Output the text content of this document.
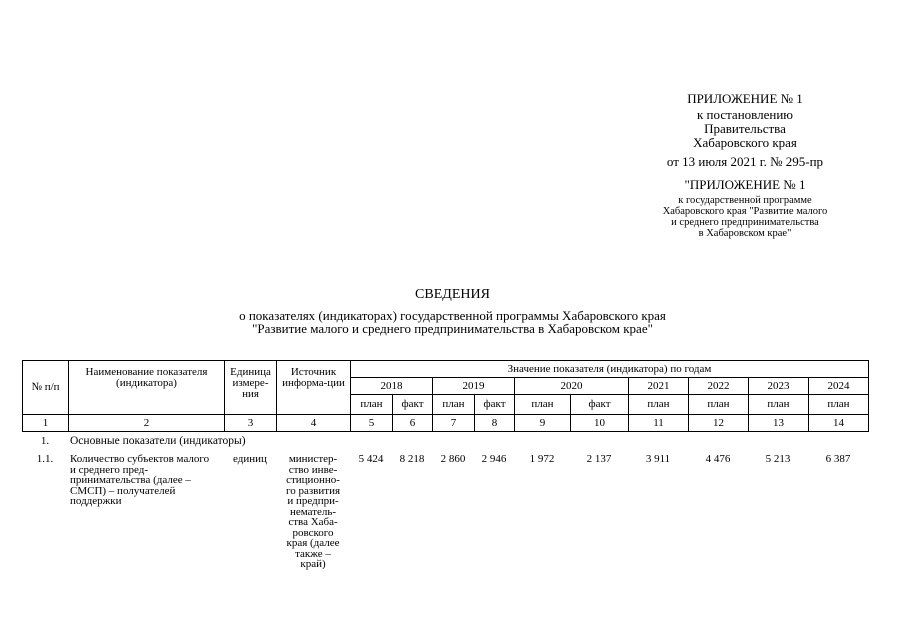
ПРИЛОЖЕНИЕ № 1
к постановлению
Правительства
Хабаровского края
от 13 июля 2021 г. № 295-пр
"ПРИЛОЖЕНИЕ № 1
к государственной программе
Хабаровского края "Развитие малого
и среднего предпринимательства
в Хабаровском крае"
СВЕДЕНИЯ
о показателях (индикаторах) государственной программы Хабаровского края
"Развитие малого и среднего предпринимательства в Хабаровском крае"
№ п/п	Наименование показателя (индикатора)	Единица измере-ния	Источник информа-ции	Значение показателя (индикатора) по годам									
				2018		2019		2020		2021	2022	2023	2024
				план	факт	план	факт	план	факт	план	план	план	план
1	2	3	4	5	6	7	8	9	10	11	12	13	14
1.	Основные показатели (индикаторы)												
1.1.	Количество субъектов малого и среднего пред-принимательства (далее – СМСП) – получателей поддержки	единиц	министер-ство инве-стиционно-го развития и предпри-нематель-ства Хаба-ровского края (далее также – край)	5 424	8 218	2 860	2 946	1 972	2 137	3 911	4 476	5 213	6 387
